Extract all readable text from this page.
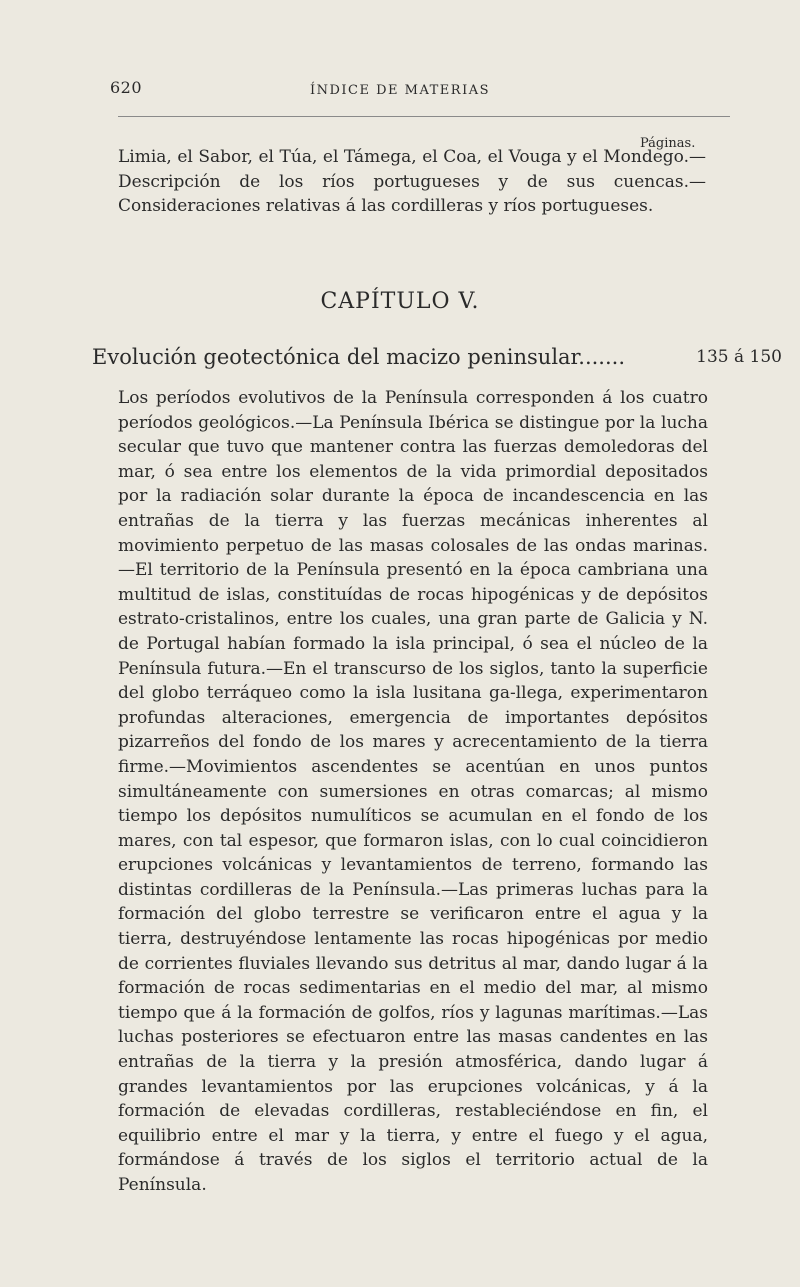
620	ÍNDICE DE MATERIAS
Páginas.
Limia, el Sabor, el Túa, el Támega, el Coa, el Vouga y el Mondego.—Descripción de los ríos portugueses y de sus cuencas.—Consideraciones relativas á las cordilleras y ríos portugueses.
CAPÍTULO V.
Evolución geotectónica del macizo peninsular.......	135 á 150

Los períodos evolutivos de la Península corresponden á los cuatro períodos geológicos.—La Península Ibérica se distingue por la lucha secular que tuvo que mantener contra las fuerzas demoledoras del mar, ó sea entre los elementos de la vida primordial depositados por la radiación solar durante la época de incandescencia en las entrañas de la tierra y las fuerzas mecánicas inherentes al movimiento perpetuo de las masas colosales de las ondas marinas.—El territorio de la Península presentó en la época cambriana una multitud de islas, constituídas de rocas hipogénicas y de depósitos estrato-cristalinos, entre los cuales, una gran parte de Galicia y N. de Portugal habían formado la isla principal, ó sea el núcleo de la Península futura.—En el transcurso de los siglos, tanto la superficie del globo terráqueo como la isla lusitana ga-llega, experimentaron profundas alteraciones, emergencia de importantes depósitos pizarreños del fondo de los mares y acrecentamiento de la tierra firme.—Movimientos ascendentes se acentúan en unos puntos simultáneamente con sumersiones en otras comarcas; al mismo tiempo los depósitos numulíticos se acumulan en el fondo de los mares, con tal espesor, que formaron islas, con lo cual coincidieron erupciones volcánicas y levantamientos de terreno, formando las distintas cordilleras de la Península.—Las primeras luchas para la formación del globo terrestre se verificaron entre el agua y la tierra, destruyéndose lentamente las rocas hipogénicas por medio de corrientes fluviales llevando sus detritus al mar, dando lugar á la formación de rocas sedimentarias en el medio del mar, al mismo tiempo que á la formación de golfos, ríos y lagunas marítimas.—Las luchas posteriores se efectuaron entre las masas candentes en las entrañas de la tierra y la presión atmosférica, dando lugar á grandes levantamientos por las erupciones volcánicas, y á la formación de elevadas cordilleras, restableciéndose en fin, el equilibrio entre el mar y la tierra, y entre el fuego y el agua, formándose á través de los siglos el territorio actual de la Península.
